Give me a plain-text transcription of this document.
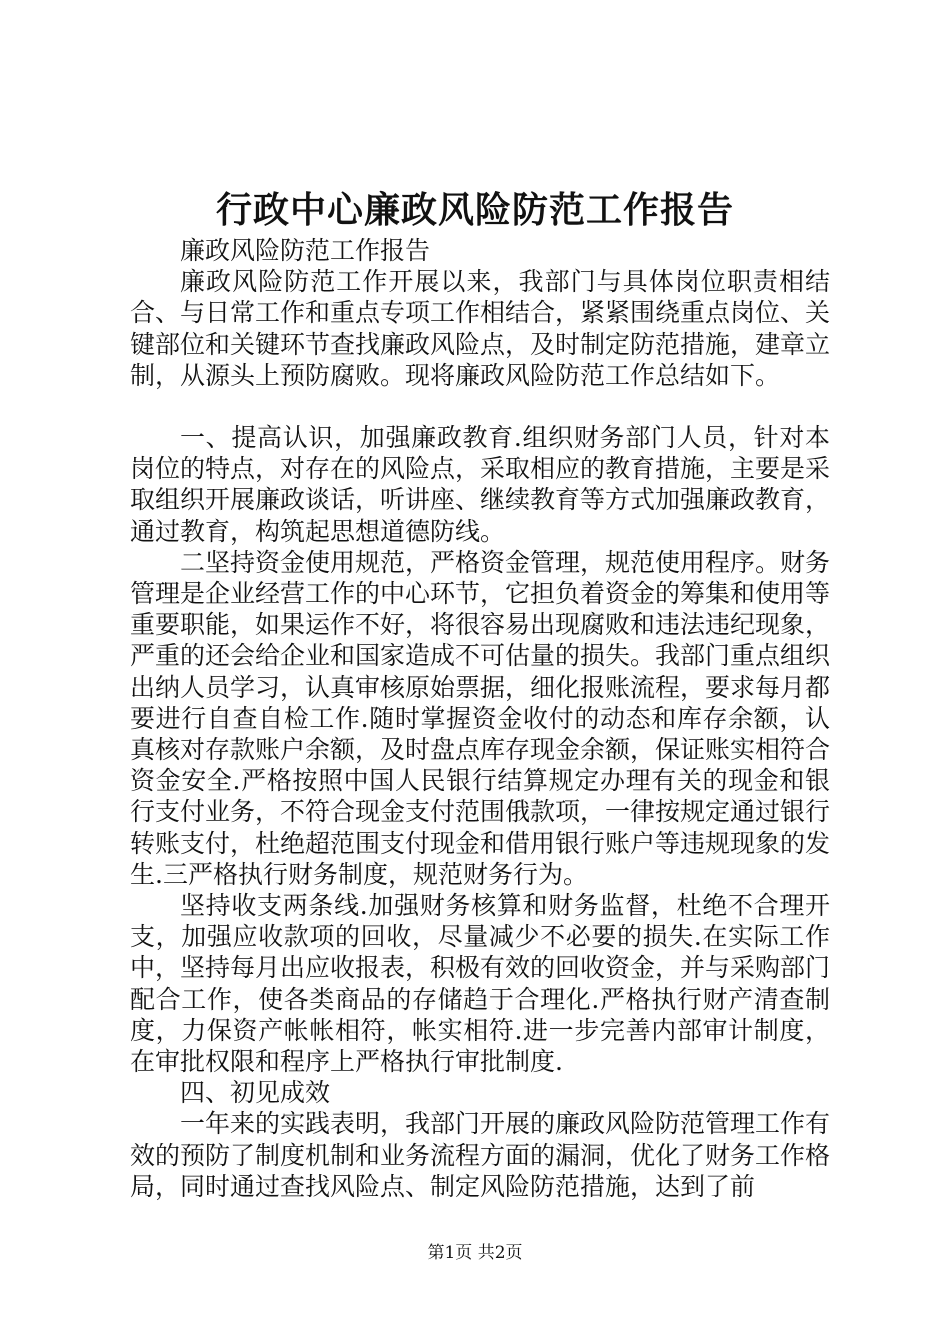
行政中心廉政风险防范工作报告

廉政风险防范工作报告

廉政风险防范工作开展以来，我部门与具体岗位职责相结合、与日常工作和重点专项工作相结合，紧紧围绕重点岗位、关键部位和关键环节查找廉政风险点，及时制定防范措施，建章立制，从源头上预防腐败。现将廉政风险防范工作总结如下。

一、提高认识，加强廉政教育.组织财务部门人员，针对本岗位的特点，对存在的风险点，采取相应的教育措施，主要是采取组织开展廉政谈话，听讲座、继续教育等方式加强廉政教育，通过教育，构筑起思想道德防线。

二坚持资金使用规范，严格资金管理，规范使用程序。财务管理是企业经营工作的中心环节，它担负着资金的筹集和使用等重要职能，如果运作不好，将很容易出现腐败和违法违纪现象，严重的还会给企业和国家造成不可估量的损失。我部门重点组织出纳人员学习，认真审核原始票据，细化报账流程，要求每月都要进行自查自检工作.随时掌握资金收付的动态和库存余额，认真核对存款账户余额，及时盘点库存现金余额，保证账实相符合资金安全.严格按照中国人民银行结算规定办理有关的现金和银行支付业务，不符合现金支付范围俄款项，一律按规定通过银行转账支付，杜绝超范围支付现金和借用银行账户等违规现象的发生.三严格执行财务制度，规范财务行为。

坚持收支两条线.加强财务核算和财务监督，杜绝不合理开支，加强应收款项的回收，尽量减少不必要的损失.在实际工作中，坚持每月出应收报表，积极有效的回收资金，并与采购部门配合工作，使各类商品的存储趋于合理化.严格执行财产清查制度，力保资产帐帐相符，帐实相符.进一步完善内部审计制度，在审批权限和程序上严格执行审批制度.

四、初见成效

一年来的实践表明，我部门开展的廉政风险防范管理工作有效的预防了制度机制和业务流程方面的漏洞，优化了财务工作格局，同时通过查找风险点、制定风险防范措施，达到了前

第1页 共2页
